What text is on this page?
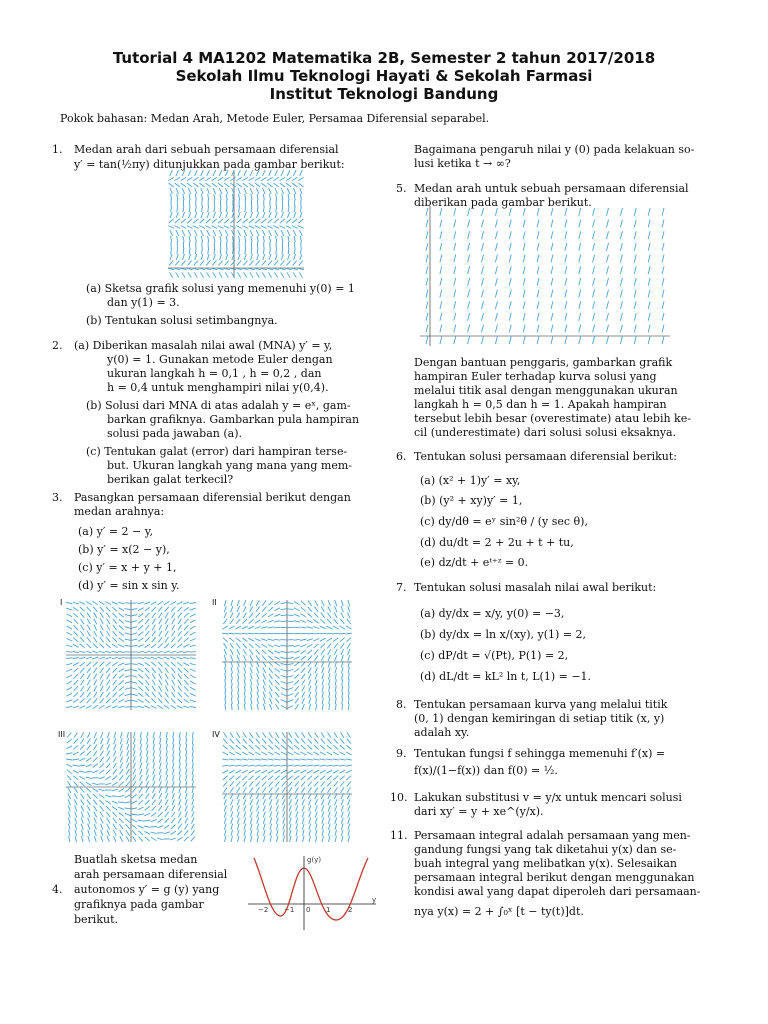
Tutorial 4 MA1202 Matematika 2B, Semester 2 tahun 2017/2018
Sekolah Ilmu Teknologi Hayati & Sekolah Farmasi
Institut Teknologi Bandung
Pokok bahasan: Medan Arah, Metode Euler, Persamaa Diferensial separabel.
1. Medan arah dari sebuah persamaan diferensial
y′ = tan(½πy) ditunjukkan pada gambar berikut:
(a) Sketsa grafik solusi yang memenuhi y(0) = 1
dan y(1) = 3.
(b) Tentukan solusi setimbangnya.
2. (a) Diberikan masalah nilai awal (MNA) y′ = y,
y(0) = 1. Gunakan metode Euler dengan
ukuran langkah h = 0,1 , h = 0,2 , dan
h = 0,4 untuk menghampiri nilai y(0,4).
(b) Solusi dari MNA di atas adalah y = eˣ, gam-
barkan grafiknya. Gambarkan pula hampiran
solusi pada jawaban (a).
(c) Tentukan galat (error) dari hampiran terse-
but. Ukuran langkah yang mana yang mem-
berikan galat terkecil?
3. Pasangkan persamaan diferensial berikut dengan
medan arahnya:
(a) y′ = 2 − y,
(b) y′ = x(2 − y),
(c) y′ = x + y + 1,
(d) y′ = sin x sin y.
I	II
III	IV
Buatlah sketsa medan
arah persamaan diferensial
4. autonomos y′ = g (y) yang
grafiknya pada gambar
berikut.
−2 −1 0 1	2
y
g(y)
Bagaimana pengaruh nilai y (0) pada kelakuan so-
lusi ketika t → ∞?
5. Medan arah untuk sebuah persamaan diferensial
diberikan pada gambar berikut.
Dengan bantuan penggaris, gambarkan grafik
hampiran Euler terhadap kurva solusi yang
melalui titik asal dengan menggunakan ukuran
langkah h = 0,5 dan h = 1. Apakah hampiran
tersebut lebih besar (overestimate) atau lebih ke-
cil (underestimate) dari solusi solusi eksaknya.
6. Tentukan solusi persamaan diferensial berikut:
(a) (x² + 1)y′ = xy,
(b) (y² + xy)y′ = 1,
(c) dy/dθ = eʸ sin²θ / (y sec θ),
(d) du/dt = 2 + 2u + t + tu,
(e) dz/dt + eᵗ⁺ᶻ = 0.
7. Tentukan solusi masalah nilai awal berikut:
(a) dy/dx = x/y, y(0) = −3,
(b) dy/dx = ln x/(xy), y(1) = 2,
(c) dP/dt = √(Pt), P(1) = 2,
(d) dL/dt = kL² ln t, L(1) = −1.
8. Tentukan persamaan kurva yang melalui titik
(0, 1) dengan kemiringan di setiap titik (x, y)
adalah xy.
9. Tentukan fungsi f sehingga memenuhi f′(x) =
f(x)/(1−f(x)) dan f(0) = ½.
10. Lakukan substitusi v = y/x untuk mencari solusi
dari xy′ = y + xe^(y/x).
11. Persamaan integral adalah persamaan yang men-
gandung fungsi yang tak diketahui y(x) dan se-
buah integral yang melibatkan y(x). Selesaikan
persamaan integral berikut dengan menggunakan
kondisi awal yang dapat diperoleh dari persamaan-
nya y(x) = 2 + ∫₀ˣ [t − ty(t)]dt.
